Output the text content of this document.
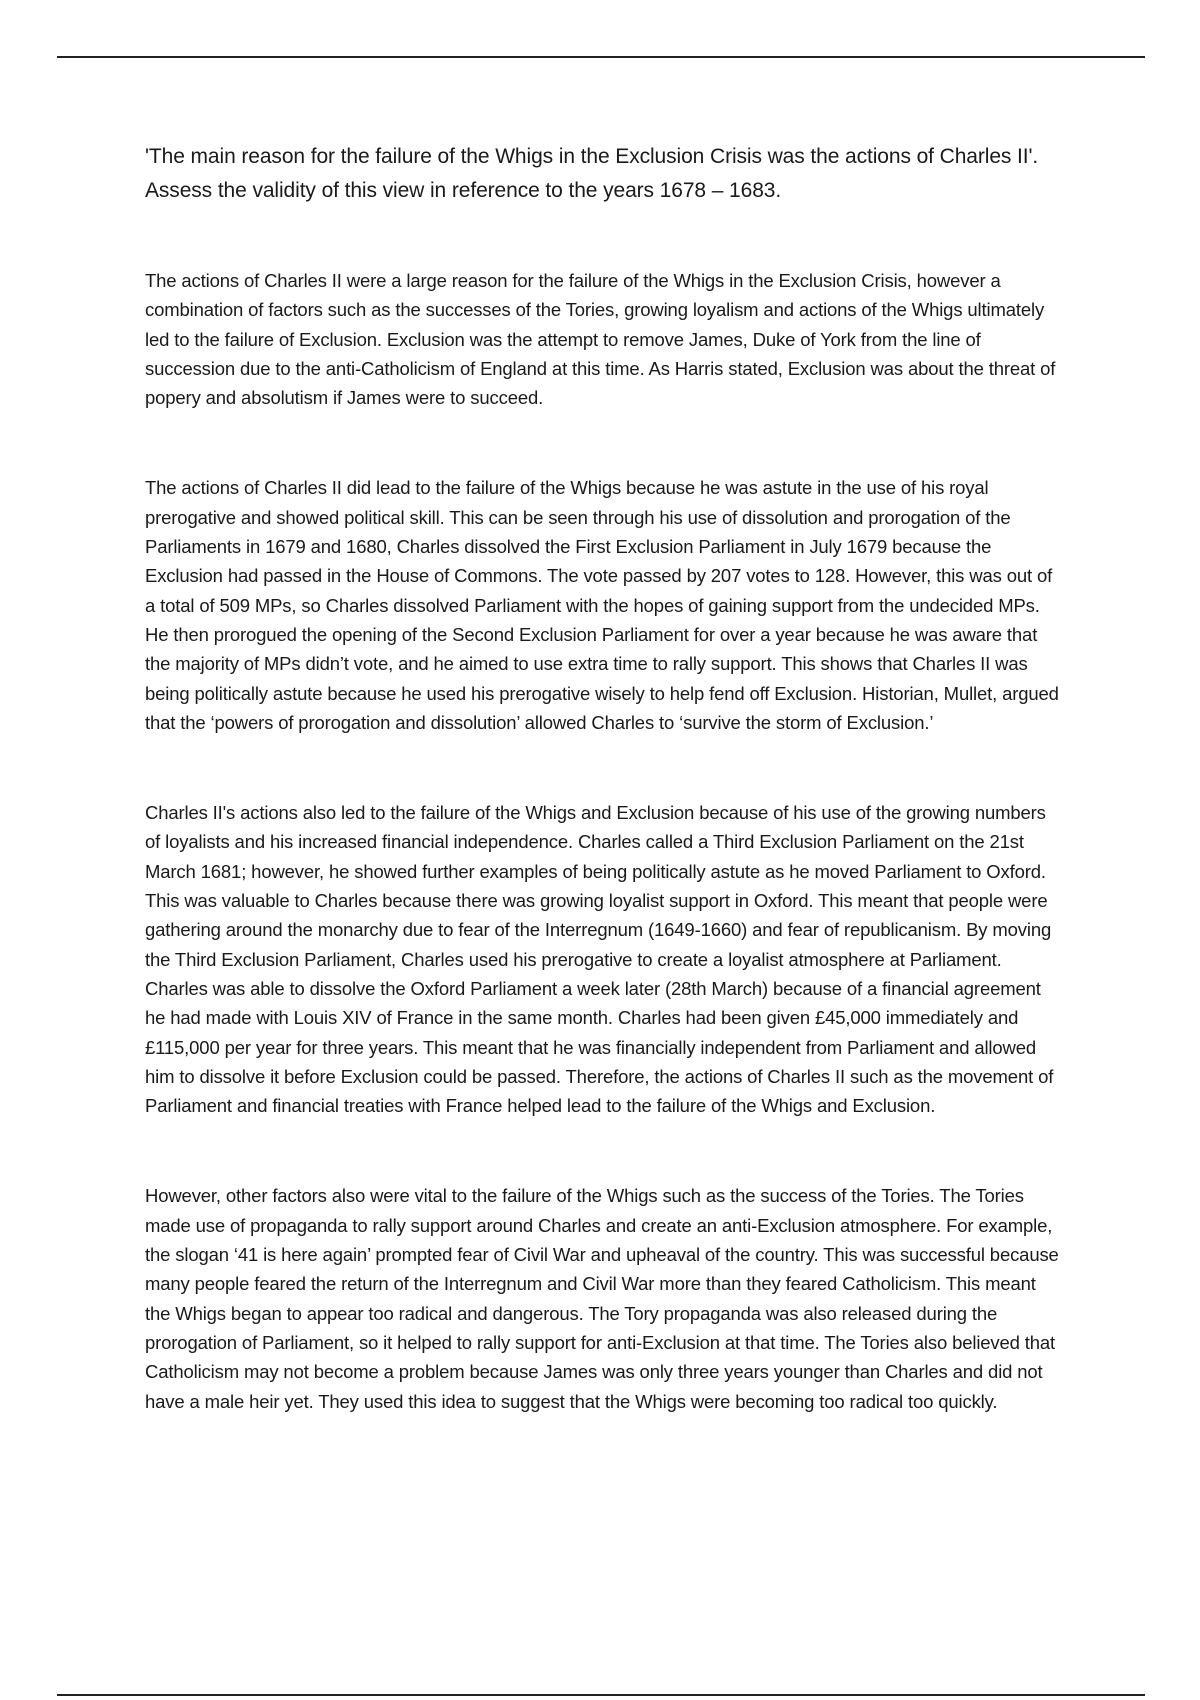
'The main reason for the failure of the Whigs in the Exclusion Crisis was the actions of Charles II'. Assess the validity of this view in reference to the years 1678 – 1683.

The actions of Charles II were a large reason for the failure of the Whigs in the Exclusion Crisis, however a combination of factors such as the successes of the Tories, growing loyalism and actions of the Whigs ultimately led to the failure of Exclusion. Exclusion was the attempt to remove James, Duke of York from the line of succession due to the anti-Catholicism of England at this time. As Harris stated, Exclusion was about the threat of popery and absolutism if James were to succeed.

The actions of Charles II did lead to the failure of the Whigs because he was astute in the use of his royal prerogative and showed political skill. This can be seen through his use of dissolution and prorogation of the Parliaments in 1679 and 1680, Charles dissolved the First Exclusion Parliament in July 1679 because the Exclusion had passed in the House of Commons. The vote passed by 207 votes to 128. However, this was out of a total of 509 MPs, so Charles dissolved Parliament with the hopes of gaining support from the undecided MPs. He then prorogued the opening of the Second Exclusion Parliament for over a year because he was aware that the majority of MPs didn’t vote, and he aimed to use extra time to rally support. This shows that Charles II was being politically astute because he used his prerogative wisely to help fend off Exclusion. Historian, Mullet, argued that the ‘powers of prorogation and dissolution’ allowed Charles to ‘survive the storm of Exclusion.’

Charles II's actions also led to the failure of the Whigs and Exclusion because of his use of the growing numbers of loyalists and his increased financial independence. Charles called a Third Exclusion Parliament on the 21st March 1681; however, he showed further examples of being politically astute as he moved Parliament to Oxford. This was valuable to Charles because there was growing loyalist support in Oxford. This meant that people were gathering around the monarchy due to fear of the Interregnum (1649-1660) and fear of republicanism. By moving the Third Exclusion Parliament, Charles used his prerogative to create a loyalist atmosphere at Parliament. Charles was able to dissolve the Oxford Parliament a week later (28th March) because of a financial agreement he had made with Louis XIV of France in the same month. Charles had been given £45,000 immediately and £115,000 per year for three years. This meant that he was financially independent from Parliament and allowed him to dissolve it before Exclusion could be passed. Therefore, the actions of Charles II such as the movement of Parliament and financial treaties with France helped lead to the failure of the Whigs and Exclusion.

However, other factors also were vital to the failure of the Whigs such as the success of the Tories. The Tories made use of propaganda to rally support around Charles and create an anti-Exclusion atmosphere. For example, the slogan ‘41 is here again’ prompted fear of Civil War and upheaval of the country. This was successful because many people feared the return of the Interregnum and Civil War more than they feared Catholicism. This meant the Whigs began to appear too radical and dangerous. The Tory propaganda was also released during the prorogation of Parliament, so it helped to rally support for anti-Exclusion at that time. The Tories also believed that Catholicism may not become a problem because James was only three years younger than Charles and did not have a male heir yet. They used this idea to suggest that the Whigs were becoming too radical too quickly.
